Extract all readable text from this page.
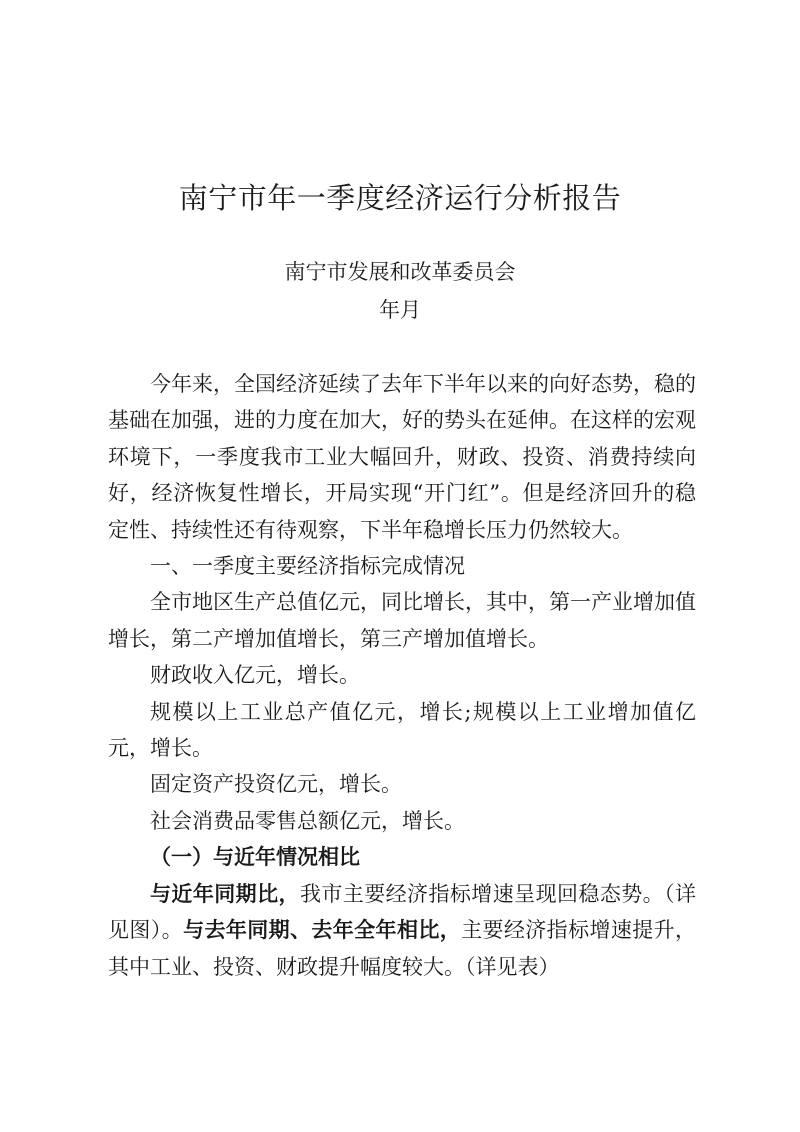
南宁市年一季度经济运行分析报告
南宁市发展和改革委员会
年月

今年来，全国经济延续了去年下半年以来的向好态势，稳的基础在加强，进的力度在加大，好的势头在延伸。在这样的宏观环境下，一季度我市工业大幅回升，财政、投资、消费持续向好，经济恢复性增长，开局实现“开门红”。但是经济回升的稳定性、持续性还有待观察，下半年稳增长压力仍然较大。

一、一季度主要经济指标完成情况

全市地区生产总值亿元，同比增长，其中，第一产业增加值增长，第二产增加值增长，第三产增加值增长。

财政收入亿元，增长。

规模以上工业总产值亿元，增长;规模以上工业增加值亿元，增长。

固定资产投资亿元，增长。

社会消费品零售总额亿元，增长。

（一）与近年情况相比

与近年同期比，我市主要经济指标增速呈现回稳态势。（详见图）。与去年同期、去年全年相比，主要经济指标增速提升，其中工业、投资、财政提升幅度较大。（详见表）
